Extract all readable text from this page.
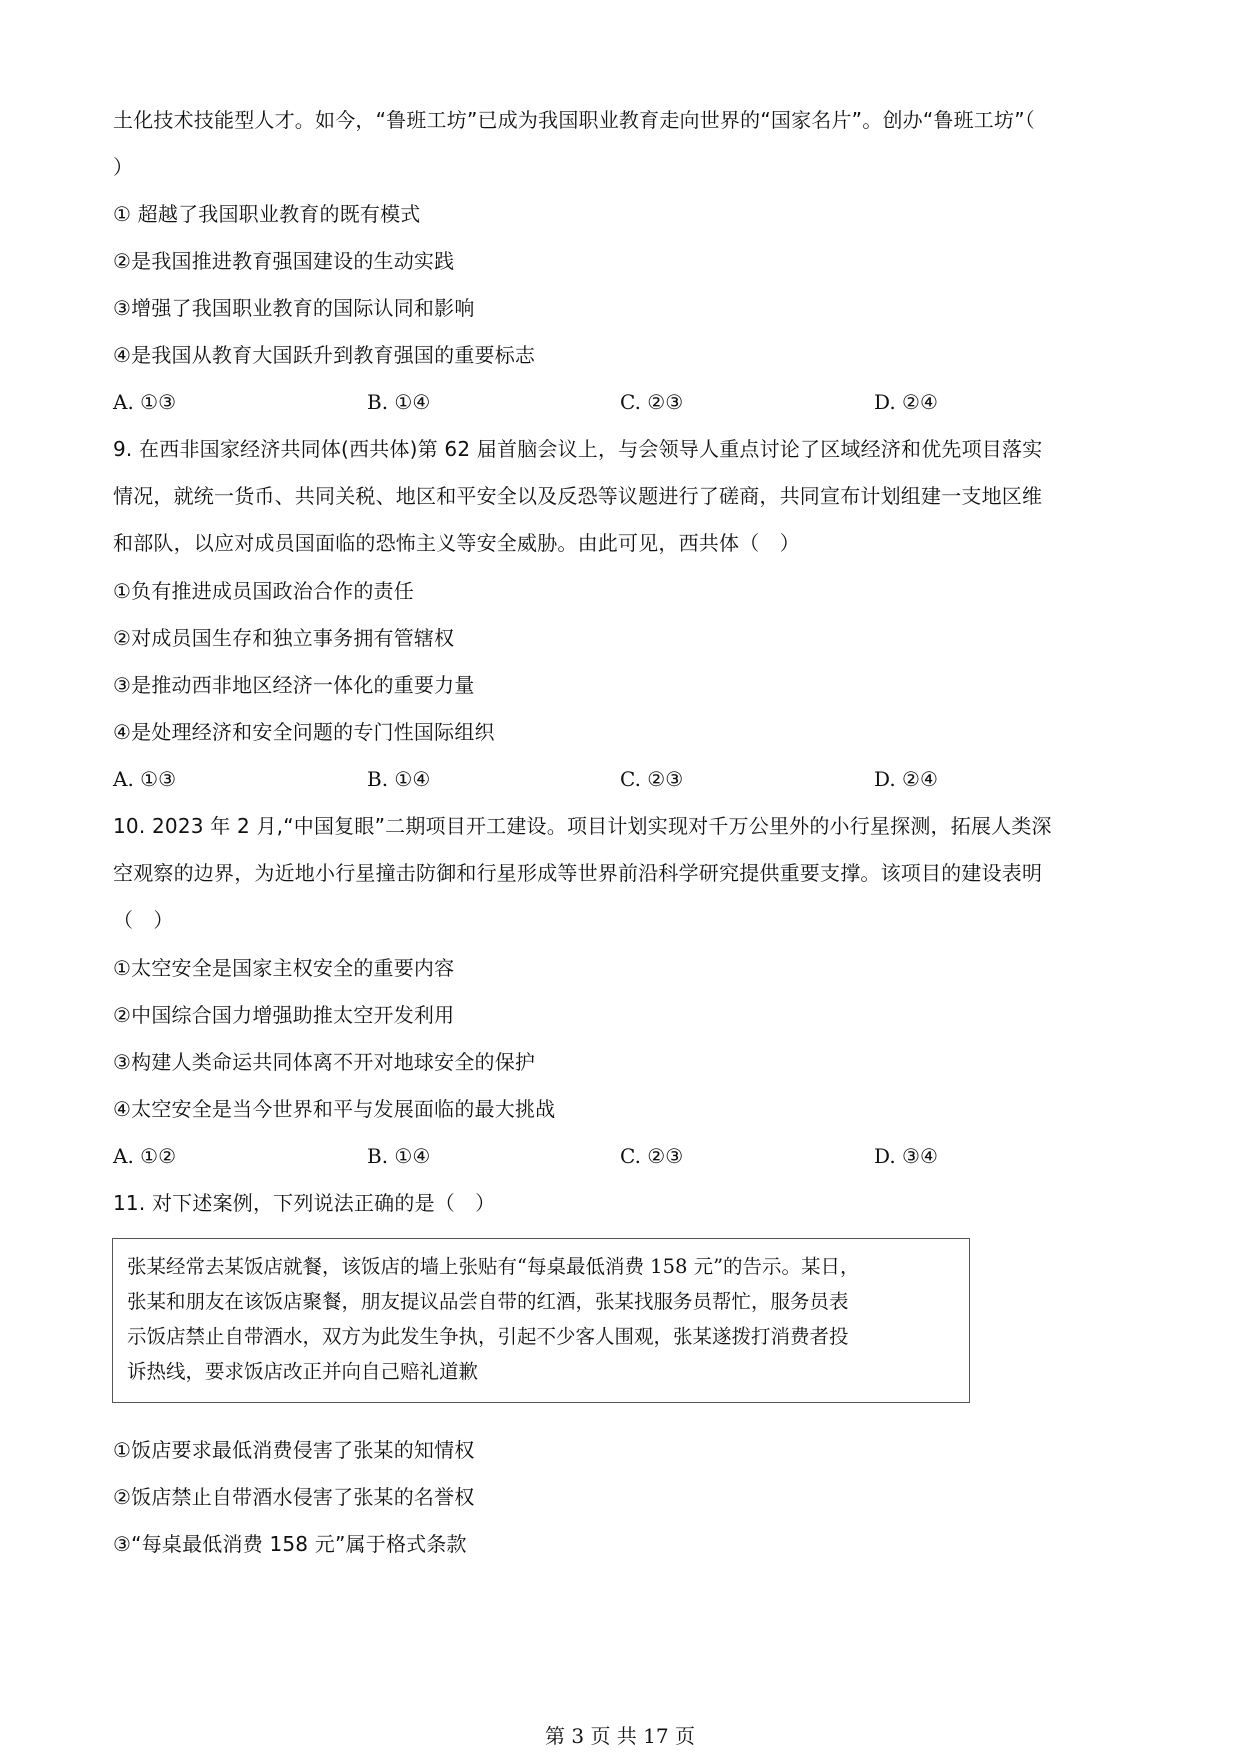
土化技术技能型人才。如今，“鲁班工坊”已成为我国职业教育走向世界的“国家名片”。创办“鲁班工坊”（
）
① 超越了我国职业教育的既有模式
②是我国推进教育强国建设的生动实践
③增强了我国职业教育的国际认同和影响
④是我国从教育大国跃升到教育强国的重要标志
A. ①③	B. ①④	C. ②③	D. ②④
9. 在西非国家经济共同体(西共体)第 62 届首脑会议上，与会领导人重点讨论了区域经济和优先项目落实
情况，就统一货币、共同关税、地区和平安全以及反恐等议题进行了磋商，共同宣布计划组建一支地区维
和部队，以应对成员国面临的恐怖主义等安全威胁。由此可见，西共体（　）
①负有推进成员国政治合作的责任
②对成员国生存和独立事务拥有管辖权
③是推动西非地区经济一体化的重要力量
④是处理经济和安全问题的专门性国际组织
A. ①③	B. ①④	C. ②③	D. ②④
10. 2023 年 2 月,“中国复眼”二期项目开工建设。项目计划实现对千万公里外的小行星探测，拓展人类深
空观察的边界，为近地小行星撞击防御和行星形成等世界前沿科学研究提供重要支撑。该项目的建设表明
（　）
①太空安全是国家主权安全的重要内容
②中国综合国力增强助推太空开发利用
③构建人类命运共同体离不开对地球安全的保护
④太空安全是当今世界和平与发展面临的最大挑战
A. ①②	B. ①④	C. ②③	D. ③④
11. 对下述案例，下列说法正确的是（　）
张某经常去某饭店就餐，该饭店的墙上张贴有“每桌最低消费 158 元”的告示。某日，
张某和朋友在该饭店聚餐，朋友提议品尝自带的红酒，张某找服务员帮忙，服务员表
示饭店禁止自带酒水，双方为此发生争执，引起不少客人围观，张某遂拨打消费者投
诉热线，要求饭店改正并向自己赔礼道歉
①饭店要求最低消费侵害了张某的知情权
②饭店禁止自带酒水侵害了张某的名誉权
③“每桌最低消费 158 元”属于格式条款
第 3 页 共 17 页
